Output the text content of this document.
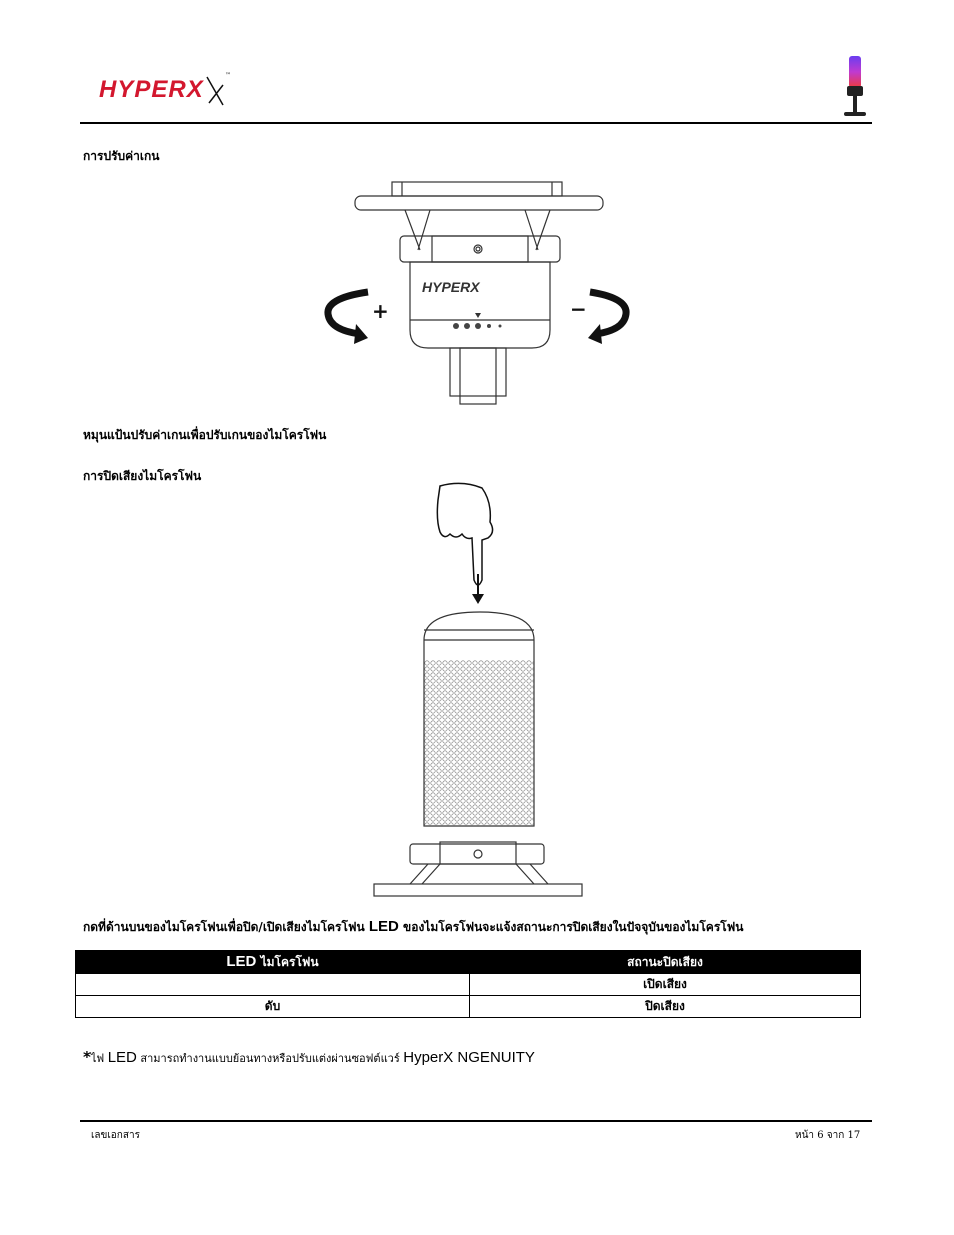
HYPERX
™
การปรับค่าเกน
HYPERX
+	−
หมุนแป้นปรับค่าเกนเพื่อปรับเกนของไมโครโฟน
การปิดเสียงไมโครโฟน
กดที่ด้านบนของไมโครโฟนเพื่อปิด/เปิดเสียงไมโครโฟน LED ของไมโครโฟนจะแจ้งสถานะการปิดเสียงในปัจจุบันของไมโครโฟน
LED ไมโครโฟน	สถานะปิดเสียง
	เปิดเสียง
ดับ	ปิดเสียง
*ไฟ LED สามารถทำงานแบบย้อนทางหรือปรับแต่งผ่านซอฟต์แวร์ HyperX NGENUITY
เลขเอกสาร	หน้า 6 จาก 17
